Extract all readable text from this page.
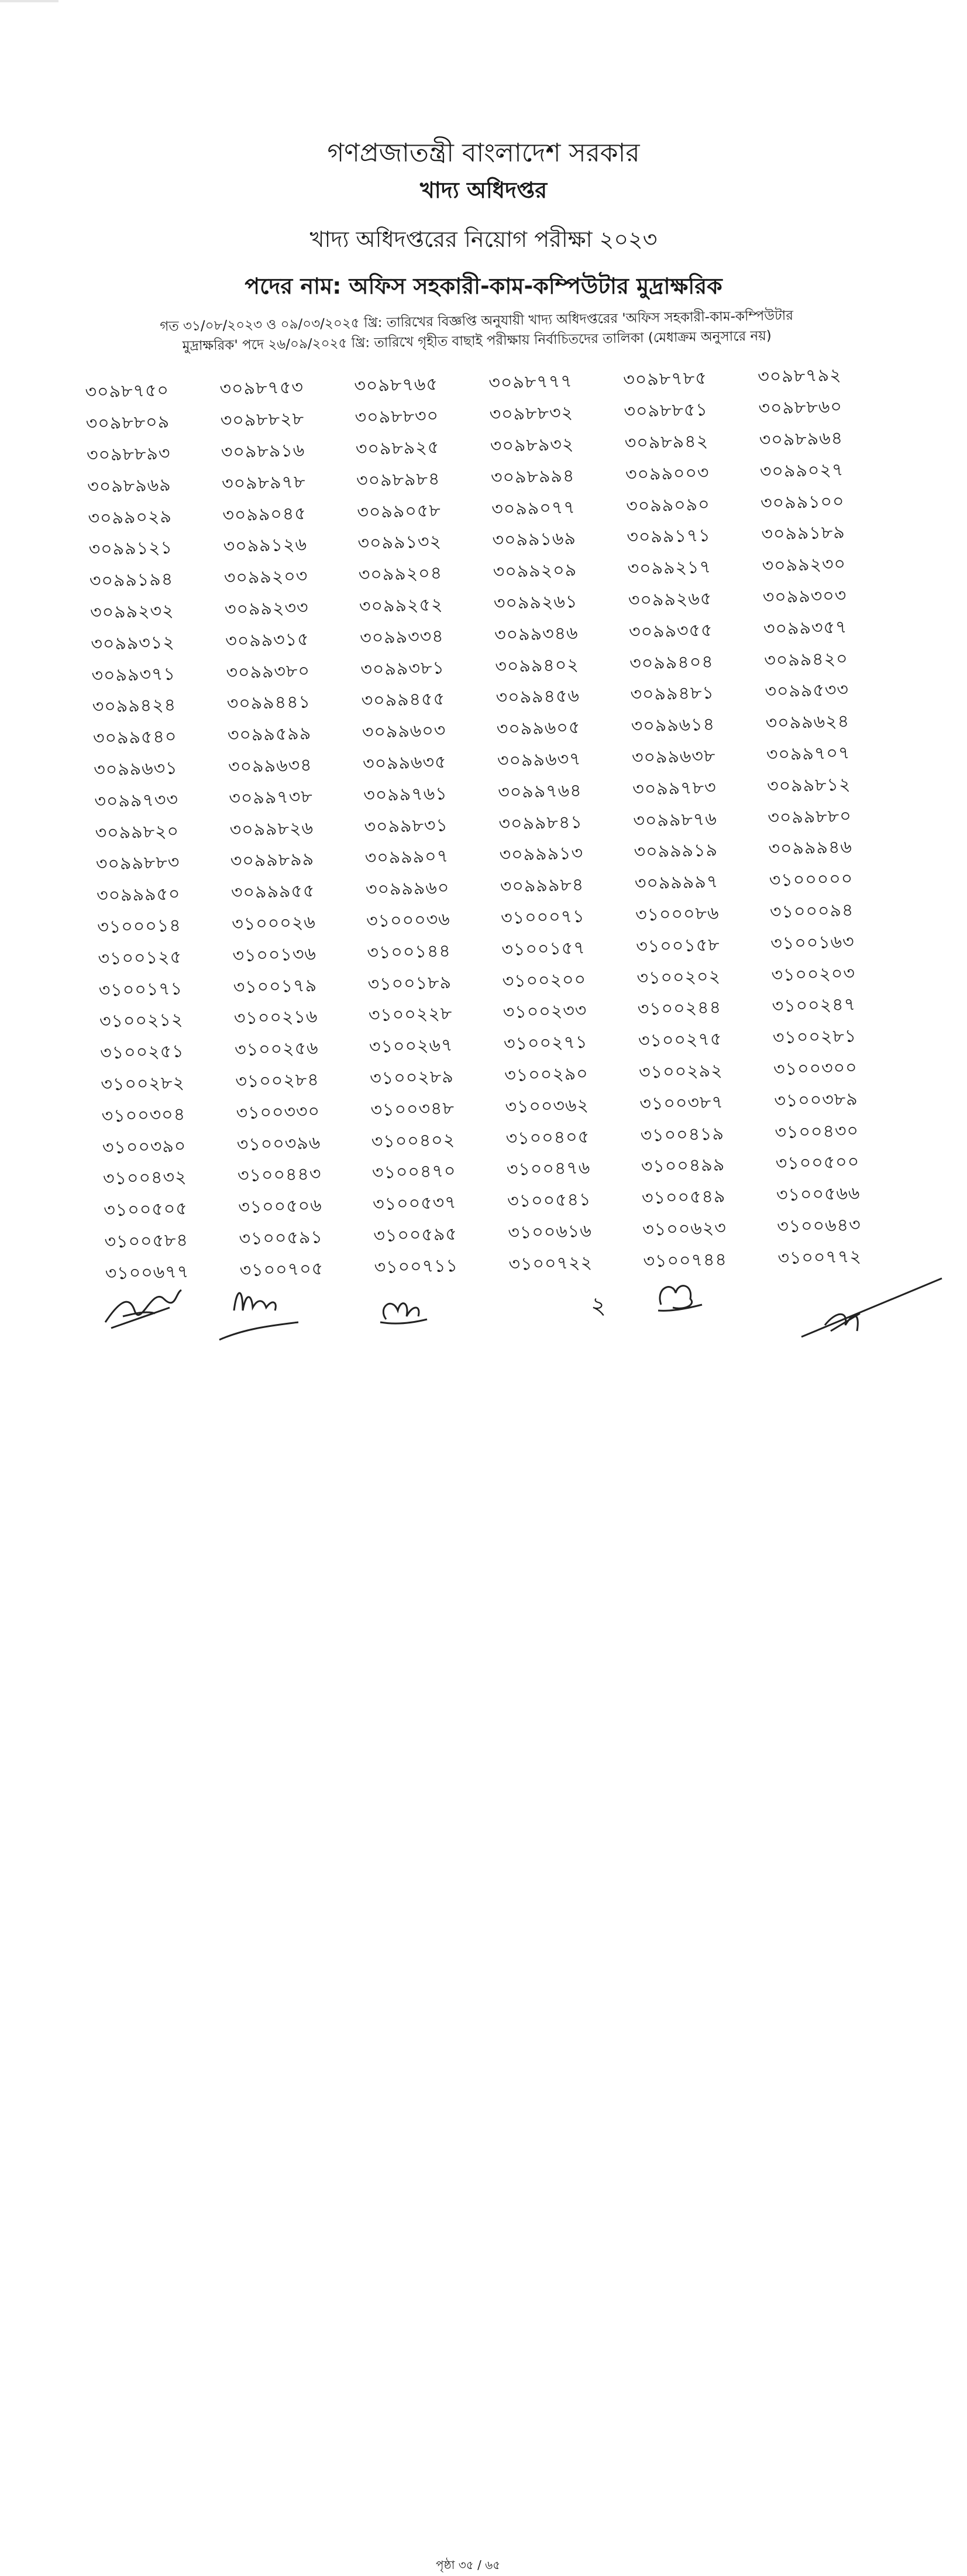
গণপ্রজাতন্ত্রী বাংলাদেশ সরকার
খাদ্য অধিদপ্তর
খাদ্য অধিদপ্তরের নিয়োগ পরীক্ষা ২০২৩
পদের নাম: অফিস সহকারী-কাম-কম্পিউটার মুদ্রাক্ষরিক
গত ৩১/০৮/২০২৩ ও ০৯/০৩/২০২৫ খ্রি: তারিখের বিজ্ঞপ্তি অনুযায়ী খাদ্য অধিদপ্তরের 'অফিস সহকারী-কাম-কম্পিউটার
মুদ্রাক্ষরিক' পদে ২৬/০৯/২০২৫ খ্রি: তারিখে গৃহীত বাছাই পরীক্ষায় নির্বাচিতদের তালিকা (মেধাক্রম অনুসারে নয়)
৩০৯৮৭৫০	৩০৯৮৭৫৩	৩০৯৮৭৬৫	৩০৯৮৭৭৭	৩০৯৮৭৮৫	৩০৯৮৭৯২
৩০৯৮৮০৯	৩০৯৮৮২৮	৩০৯৮৮৩০	৩০৯৮৮৩২	৩০৯৮৮৫১	৩০৯৮৮৬০
৩০৯৮৮৯৩	৩০৯৮৯১৬	৩০৯৮৯২৫	৩০৯৮৯৩২	৩০৯৮৯৪২	৩০৯৮৯৬৪
৩০৯৮৯৬৯	৩০৯৮৯৭৮	৩০৯৮৯৮৪	৩০৯৮৯৯৪	৩০৯৯০০৩	৩০৯৯০২৭
৩০৯৯০২৯	৩০৯৯০৪৫	৩০৯৯০৫৮	৩০৯৯০৭৭	৩০৯৯০৯০	৩০৯৯১০০
৩০৯৯১২১	৩০৯৯১২৬	৩০৯৯১৩২	৩০৯৯১৬৯	৩০৯৯১৭১	৩০৯৯১৮৯
৩০৯৯১৯৪	৩০৯৯২০৩	৩০৯৯২০৪	৩০৯৯২০৯	৩০৯৯২১৭	৩০৯৯২৩০
৩০৯৯২৩২	৩০৯৯২৩৩	৩০৯৯২৫২	৩০৯৯২৬১	৩০৯৯২৬৫	৩০৯৯৩০৩
৩০৯৯৩১২	৩০৯৯৩১৫	৩০৯৯৩৩৪	৩০৯৯৩৪৬	৩০৯৯৩৫৫	৩০৯৯৩৫৭
৩০৯৯৩৭১	৩০৯৯৩৮০	৩০৯৯৩৮১	৩০৯৯৪০২	৩০৯৯৪০৪	৩০৯৯৪২০
৩০৯৯৪২৪	৩০৯৯৪৪১	৩০৯৯৪৫৫	৩০৯৯৪৫৬	৩০৯৯৪৮১	৩০৯৯৫৩৩
৩০৯৯৫৪০	৩০৯৯৫৯৯	৩০৯৯৬০৩	৩০৯৯৬০৫	৩০৯৯৬১৪	৩০৯৯৬২৪
৩০৯৯৬৩১	৩০৯৯৬৩৪	৩০৯৯৬৩৫	৩০৯৯৬৩৭	৩০৯৯৬৩৮	৩০৯৯৭০৭
৩০৯৯৭৩৩	৩০৯৯৭৩৮	৩০৯৯৭৬১	৩০৯৯৭৬৪	৩০৯৯৭৮৩	৩০৯৯৮১২
৩০৯৯৮২০	৩০৯৯৮২৬	৩০৯৯৮৩১	৩০৯৯৮৪১	৩০৯৯৮৭৬	৩০৯৯৮৮০
৩০৯৯৮৮৩	৩০৯৯৮৯৯	৩০৯৯৯০৭	৩০৯৯৯১৩	৩০৯৯৯১৯	৩০৯৯৯৪৬
৩০৯৯৯৫০	৩০৯৯৯৫৫	৩০৯৯৯৬০	৩০৯৯৯৮৪	৩০৯৯৯৯৭	৩১০০০০০
৩১০০০১৪	৩১০০০২৬	৩১০০০৩৬	৩১০০০৭১	৩১০০০৮৬	৩১০০০৯৪
৩১০০১২৫	৩১০০১৩৬	৩১০০১৪৪	৩১০০১৫৭	৩১০০১৫৮	৩১০০১৬৩
৩১০০১৭১	৩১০০১৭৯	৩১০০১৮৯	৩১০০২০০	৩১০০২০২	৩১০০২০৩
৩১০০২১২	৩১০০২১৬	৩১০০২২৮	৩১০০২৩৩	৩১০০২৪৪	৩১০০২৪৭
৩১০০২৫১	৩১০০২৫৬	৩১০০২৬৭	৩১০০২৭১	৩১০০২৭৫	৩১০০২৮১
৩১০০২৮২	৩১০০২৮৪	৩১০০২৮৯	৩১০০২৯০	৩১০০২৯২	৩১০০৩০০
৩১০০৩০৪	৩১০০৩৩০	৩১০০৩৪৮	৩১০০৩৬২	৩১০০৩৮৭	৩১০০৩৮৯
৩১০০৩৯০	৩১০০৩৯৬	৩১০০৪০২	৩১০০৪০৫	৩১০০৪১৯	৩১০০৪৩০
৩১০০৪৩২	৩১০০৪৪৩	৩১০০৪৭০	৩১০০৪৭৬	৩১০০৪৯৯	৩১০০৫০০
৩১০০৫০৫	৩১০০৫০৬	৩১০০৫৩৭	৩১০০৫৪১	৩১০০৫৪৯	৩১০০৫৬৬
৩১০০৫৮৪	৩১০০৫৯১	৩১০০৫৯৫	৩১০০৬১৬	৩১০০৬২৩	৩১০০৬৪৩
৩১০০৬৭৭	৩১০০৭০৫	৩১০০৭১১	৩১০০৭২২	৩১০০৭৪৪	৩১০০৭৭২
পৃষ্ঠা ৩৫ / ৬৫
২
